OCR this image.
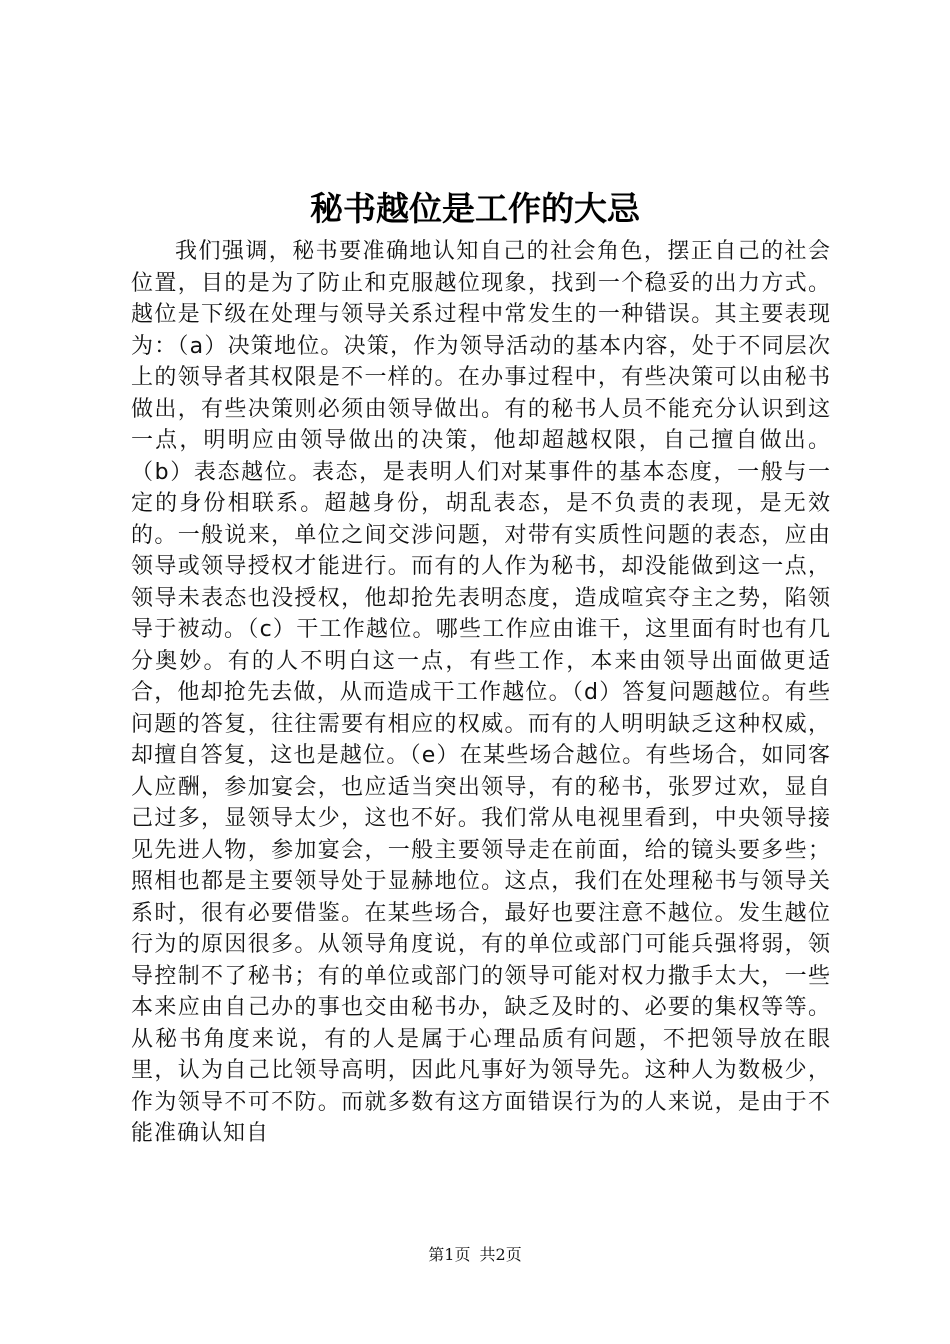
秘书越位是工作的大忌

我们强调，秘书要准确地认知自己的社会角色，摆正自己的社会位置，目的是为了防止和克服越位现象，找到一个稳妥的出力方式。越位是下级在处理与领导关系过程中常发生的一种错误。其主要表现为：（a）决策地位。决策，作为领导活动的基本内容，处于不同层次上的领导者其权限是不一样的。在办事过程中，有些决策可以由秘书做出，有些决策则必须由领导做出。有的秘书人员不能充分认识到这一点，明明应由领导做出的决策，他却超越权限，自己擅自做出。（b）表态越位。表态，是表明人们对某事件的基本态度，一般与一定的身份相联系。超越身份，胡乱表态，是不负责的表现，是无效的。一般说来，单位之间交涉问题，对带有实质性问题的表态，应由领导或领导授权才能进行。而有的人作为秘书，却没能做到这一点，领导未表态也没授权，他却抢先表明态度，造成喧宾夺主之势，陷领导于被动。（c）干工作越位。哪些工作应由谁干，这里面有时也有几分奥妙。有的人不明白这一点，有些工作，本来由领导出面做更适合，他却抢先去做，从而造成干工作越位。（d）答复问题越位。有些问题的答复，往往需要有相应的权威。而有的人明明缺乏这种权威，却擅自答复，这也是越位。（e）在某些场合越位。有些场合，如同客人应酬，参加宴会，也应适当突出领导，有的秘书，张罗过欢，显自己过多，显领导太少，这也不好。我们常从电视里看到，中央领导接见先进人物，参加宴会，一般主要领导走在前面，给的镜头要多些；照相也都是主要领导处于显赫地位。这点，我们在处理秘书与领导关系时，很有必要借鉴。在某些场合，最好也要注意不越位。发生越位行为的原因很多。从领导角度说，有的单位或部门可能兵强将弱，领导控制不了秘书；有的单位或部门的领导可能对权力撒手太大，一些本来应由自己办的事也交由秘书办，缺乏及时的、必要的集权等等。从秘书角度来说，有的人是属于心理品质有问题，不把领导放在眼里，认为自己比领导高明，因此凡事好为领导先。这种人为数极少，作为领导不可不防。而就多数有这方面错误行为的人来说，是由于不能准确认知自

第1页 共2页
